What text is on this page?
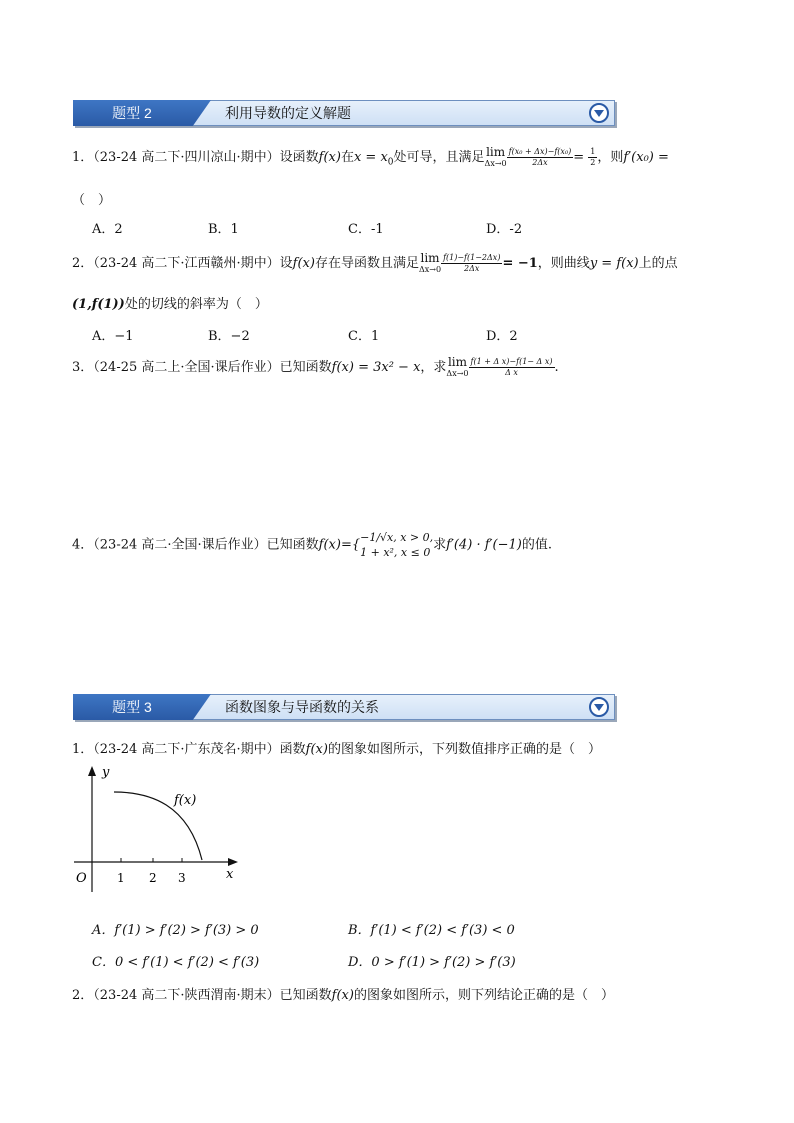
题型 2	利用导数的定义解题
1．（23-24 高二下·四川凉山·期中）设函数f(x)在$x = x_0$处可导，且满足 lim
$\Delta x\to 0 \frac{\text{f(x₀ + Δx)−f(x₀)}}{2\Delta x} = \frac{1}{2}$ ，则f′(x₀) =
（　）
A．2	B．1	C．-1	D．-2
2．（23-24 高二下·江西赣州·期中）设f(x)存在导函数且满足 lim
$\Delta x\to 0 \frac{f(1)-f(1-2\Delta x)}{2\Delta x} = -1$，则曲线y = f(x)上的点
(1,f(1))处的切线的斜率为（　）
A．−1	B．−2	C．1	D．2
3．（24-25 高二上·全国·课后作业）已知函数f(x) = 3x² − x，求 lim
$\Delta x\to 0 \frac{\text{f(1 + Δ x)−f(1− Δ x)}}{\text{Δ x}}$ .
4．（23-24 高二·全国·课后作业）已知函数f(x)={ −1/√x, x > 0,
1 + x², x ≤ 0 求f′(4) · f′(−1)的值.
题型 3	函数图象与导函数的关系
1．（23-24 高二下·广东茂名·期中）函数f(x)的图象如图所示，下列数值排序正确的是（　）
y
x
O	1 2 3
f(x)
A．f′(1) > f′(2) > f′(3) > 0	B．f′(1) < f′(2) < f′(3) < 0
C．0 < f′(1) < f′(2) < f′(3)	D．0 > f′(1) > f′(2) > f′(3)
2．（23-24 高二下·陕西渭南·期末）已知函数f(x)的图象如图所示，则下列结论正确的是（　）
